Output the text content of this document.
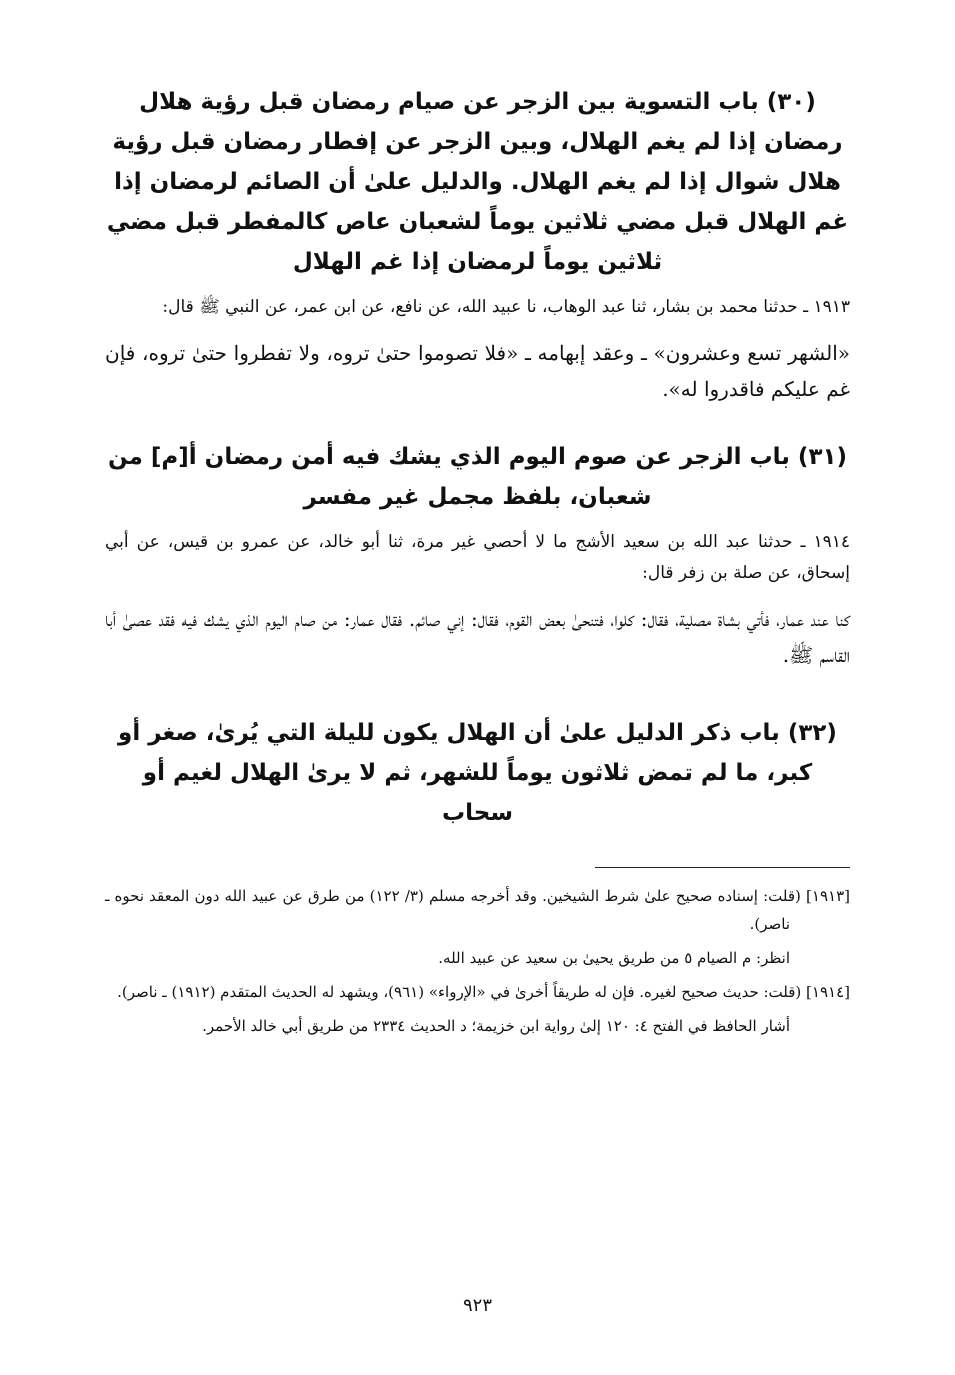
(٣٠) باب التسوية بين الزجر عن صيام رمضان قبل رؤية هلال رمضان إذا لم يغم الهلال، وبين الزجر عن إفطار رمضان قبل رؤية هلال شوال إذا لم يغم الهلال. والدليل علىٰ أن الصائم لرمضان إذا غم الهلال قبل مضي ثلاثين يوماً لشعبان عاص كالمفطر قبل مضي ثلاثين يوماً لرمضان إذا غم الهلال

١٩١٣ ـ حدثنا محمد بن بشار، ثنا عبد الوهاب، نا عبيد الله، عن نافع، عن ابن عمر، عن النبي ﷺ قال:

«الشهر تسع وعشرون» ـ وعقد إبهامه ـ «فلا تصوموا حتىٰ تروه، ولا تفطروا حتىٰ تروه، فإن غم عليكم فاقدروا له».

(٣١) باب الزجر عن صوم اليوم الذي يشك فيه أمن رمضان أ[م] من شعبان، بلفظ مجمل غير مفسر

١٩١٤ ـ حدثنا عبد الله بن سعيد الأشج ما لا أحصي غير مرة، ثنا أبو خالد، عن عمرو بن قيس، عن أبي إسحاق، عن صلة بن زفر قال:

كنا عند عمار، فأتي بشاة مصلية، فقال: كلوا، فتنحىٰ بعض القوم، فقال: إني صائم. فقال عمار: من صام اليوم الذي يشك فيه فقد عصىٰ أبا القاسم ﷺ.

(٣٢) باب ذكر الدليل علىٰ أن الهلال يكون لليلة التي يُرىٰ، صغر أو كبر، ما لم تمض ثلاثون يوماً للشهر، ثم لا يرىٰ الهلال لغيم أو سحاب

[١٩١٣] (قلت: إسناده صحيح علىٰ شرط الشيخين. وقد أخرجه مسلم (٣/ ١٢٢) من طرق عن عبيد الله دون المعقد نحوه ـ ناصر).

انظر: م الصيام ٥ من طريق يحيىٰ بن سعيد عن عبيد الله.

[١٩١٤] (قلت: حديث صحيح لغيره. فإن له طريقاً أخرىٰ في «الإرواء» (٩٦١)، ويشهد له الحديث المتقدم (١٩١٢) ـ ناصر).

أشار الحافظ في الفتح ٤: ١٢٠ إلىٰ رواية ابن خزيمة؛ د الحديث ٢٣٣٤ من طريق أبي خالد الأحمر.

٩٢٣
